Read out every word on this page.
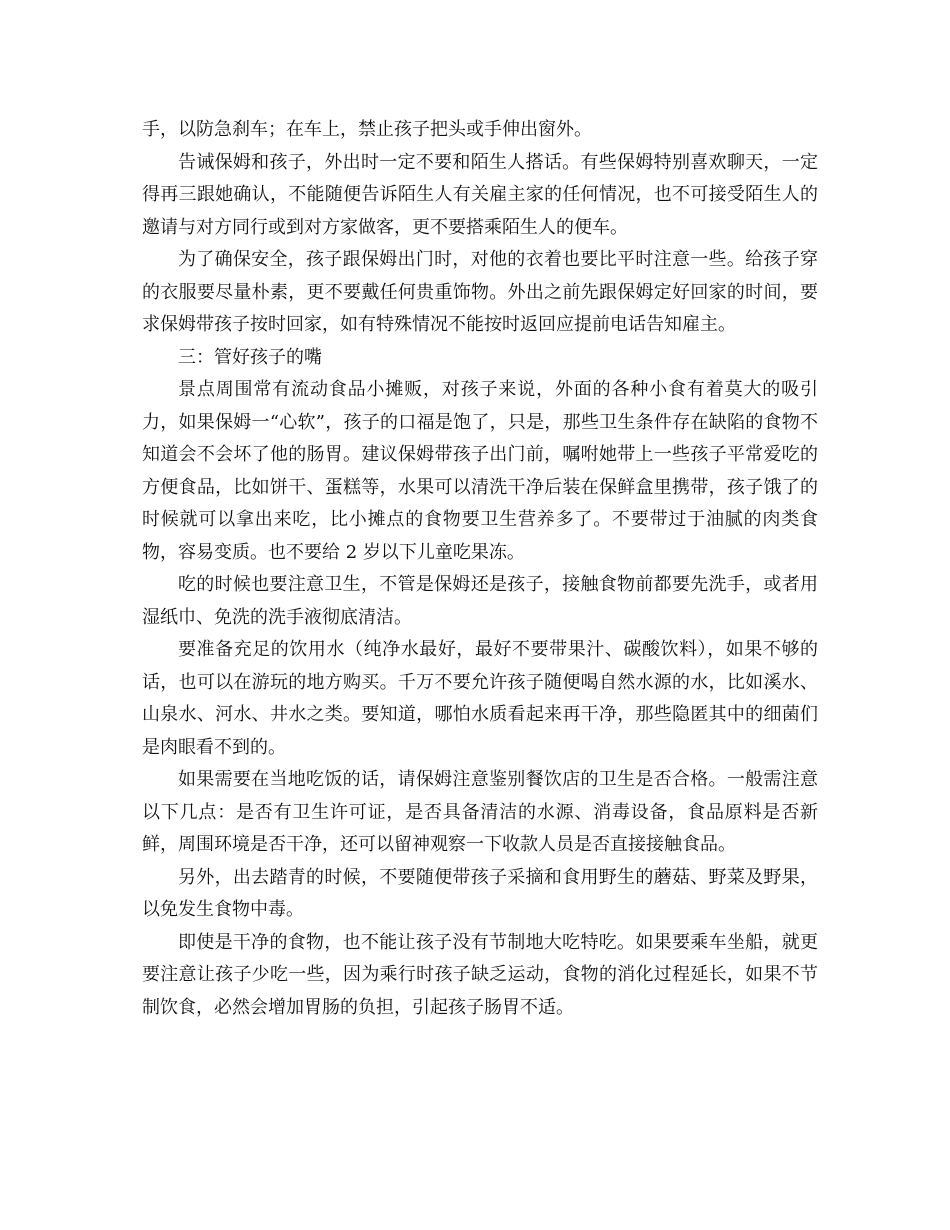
手，以防急刹车；在车上，禁止孩子把头或手伸出窗外。

告诫保姆和孩子，外出时一定不要和陌生人搭话。有些保姆特别喜欢聊天，一定得再三跟她确认，不能随便告诉陌生人有关雇主家的任何情况，也不可接受陌生人的邀请与对方同行或到对方家做客，更不要搭乘陌生人的便车。

为了确保安全，孩子跟保姆出门时，对他的衣着也要比平时注意一些。给孩子穿的衣服要尽量朴素，更不要戴任何贵重饰物。外出之前先跟保姆定好回家的时间，要求保姆带孩子按时回家，如有特殊情况不能按时返回应提前电话告知雇主。

三：管好孩子的嘴

景点周围常有流动食品小摊贩，对孩子来说，外面的各种小食有着莫大的吸引力，如果保姆一“心软”，孩子的口福是饱了，只是，那些卫生条件存在缺陷的食物不知道会不会坏了他的肠胃。建议保姆带孩子出门前，嘱咐她带上一些孩子平常爱吃的方便食品，比如饼干、蛋糕等，水果可以清洗干净后装在保鲜盒里携带，孩子饿了的时候就可以拿出来吃，比小摊点的食物要卫生营养多了。不要带过于油腻的肉类食物，容易变质。也不要给 2 岁以下儿童吃果冻。

吃的时候也要注意卫生，不管是保姆还是孩子，接触食物前都要先洗手，或者用湿纸巾、免洗的洗手液彻底清洁。

要准备充足的饮用水（纯净水最好，最好不要带果汁、碳酸饮料），如果不够的话，也可以在游玩的地方购买。千万不要允许孩子随便喝自然水源的水，比如溪水、山泉水、河水、井水之类。要知道，哪怕水质看起来再干净，那些隐匿其中的细菌们是肉眼看不到的。

如果需要在当地吃饭的话，请保姆注意鉴别餐饮店的卫生是否合格。一般需注意以下几点：是否有卫生许可证，是否具备清洁的水源、消毒设备，食品原料是否新鲜，周围环境是否干净，还可以留神观察一下收款人员是否直接接触食品。

另外，出去踏青的时候，不要随便带孩子采摘和食用野生的蘑菇、野菜及野果，以免发生食物中毒。

即使是干净的食物，也不能让孩子没有节制地大吃特吃。如果要乘车坐船，就更要注意让孩子少吃一些，因为乘行时孩子缺乏运动，食物的消化过程延长，如果不节制饮食，必然会增加胃肠的负担，引起孩子肠胃不适。
